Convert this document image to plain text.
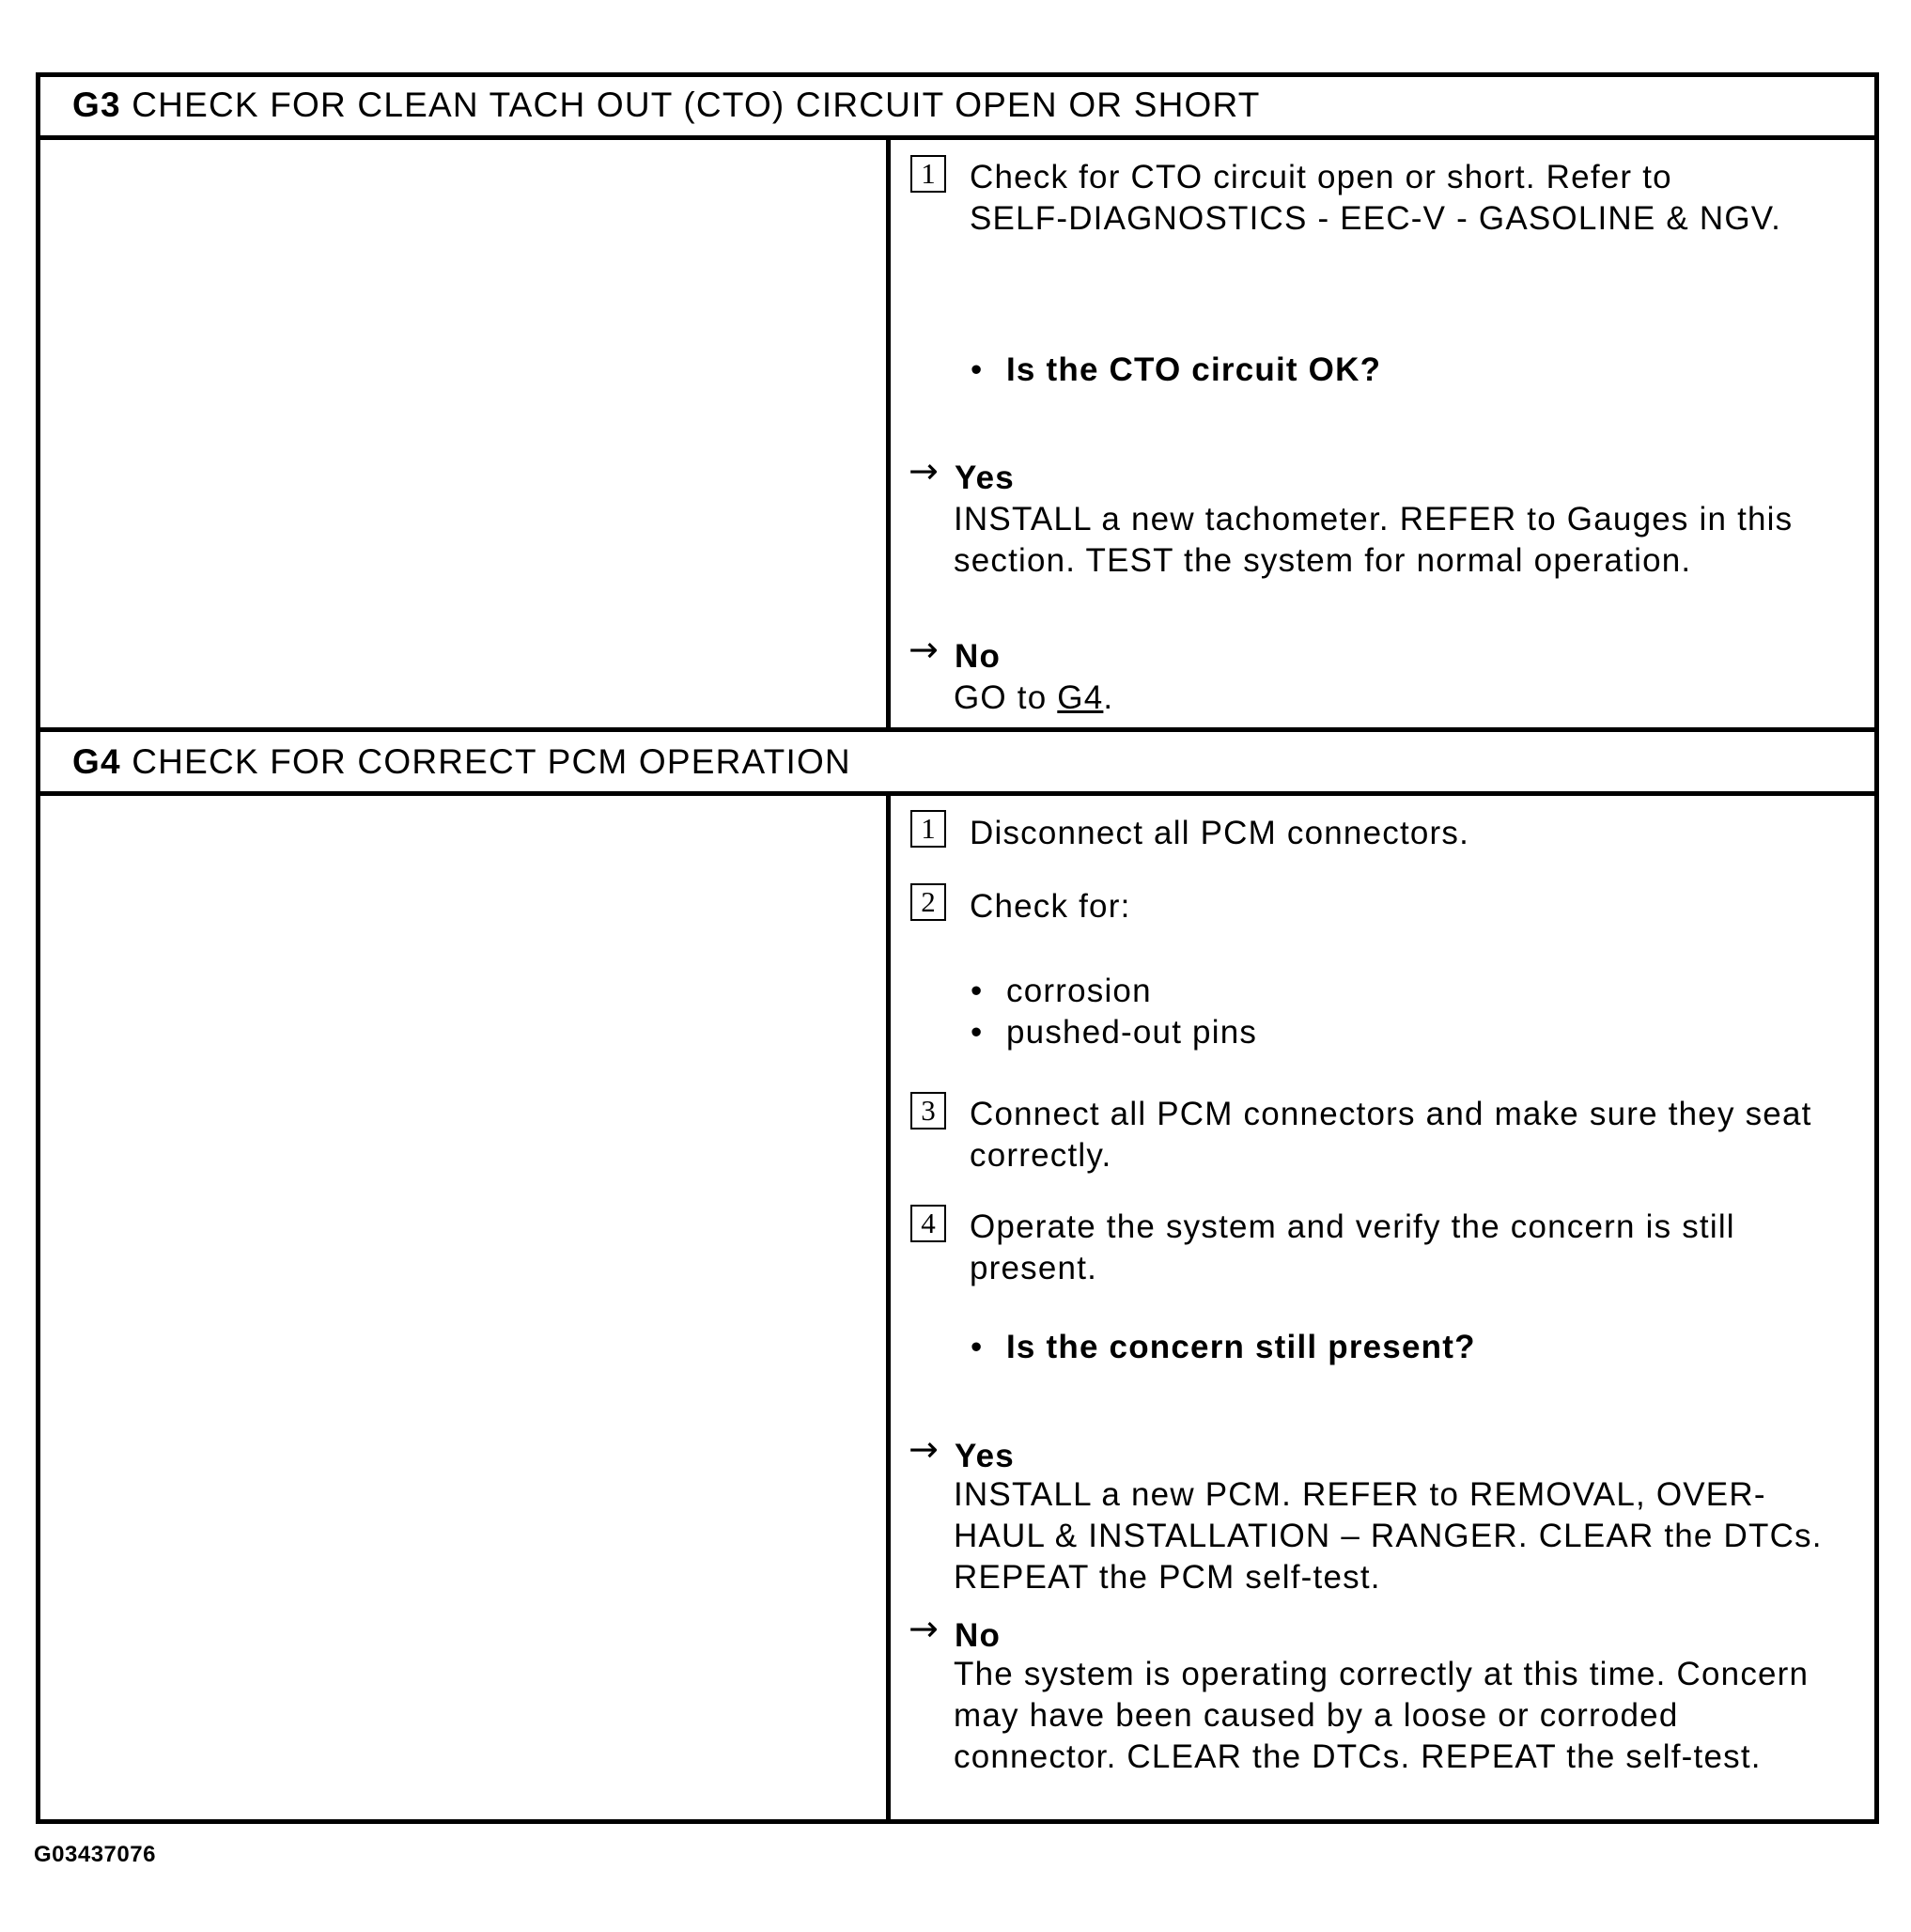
G3 CHECK FOR CLEAN TACH OUT (CTO) CIRCUIT OPEN OR SHORT
1	Check for CTO circuit open or short. Refer to
SELF-DIAGNOSTICS - EEC-V - GASOLINE & NGV.
• Is the CTO circuit OK?
→ Yes
INSTALL a new tachometer. REFER to Gauges in this
section. TEST the system for normal operation.
→ No
GO to G4.
G4 CHECK FOR CORRECT PCM OPERATION
1	Disconnect all PCM connectors.
2	Check for:
• corrosion
• pushed-out pins
3	Connect all PCM connectors and make sure they seat
correctly.
4	Operate the system and verify the concern is still
present.
• Is the concern still present?
→ Yes
INSTALL a new PCM. REFER to REMOVAL, OVER-
HAUL & INSTALLATION – RANGER. CLEAR the DTCs.
REPEAT the PCM self-test.
→ No
The system is operating correctly at this time. Concern
may have been caused by a loose or corroded
connector. CLEAR the DTCs. REPEAT the self-test.
G03437076
